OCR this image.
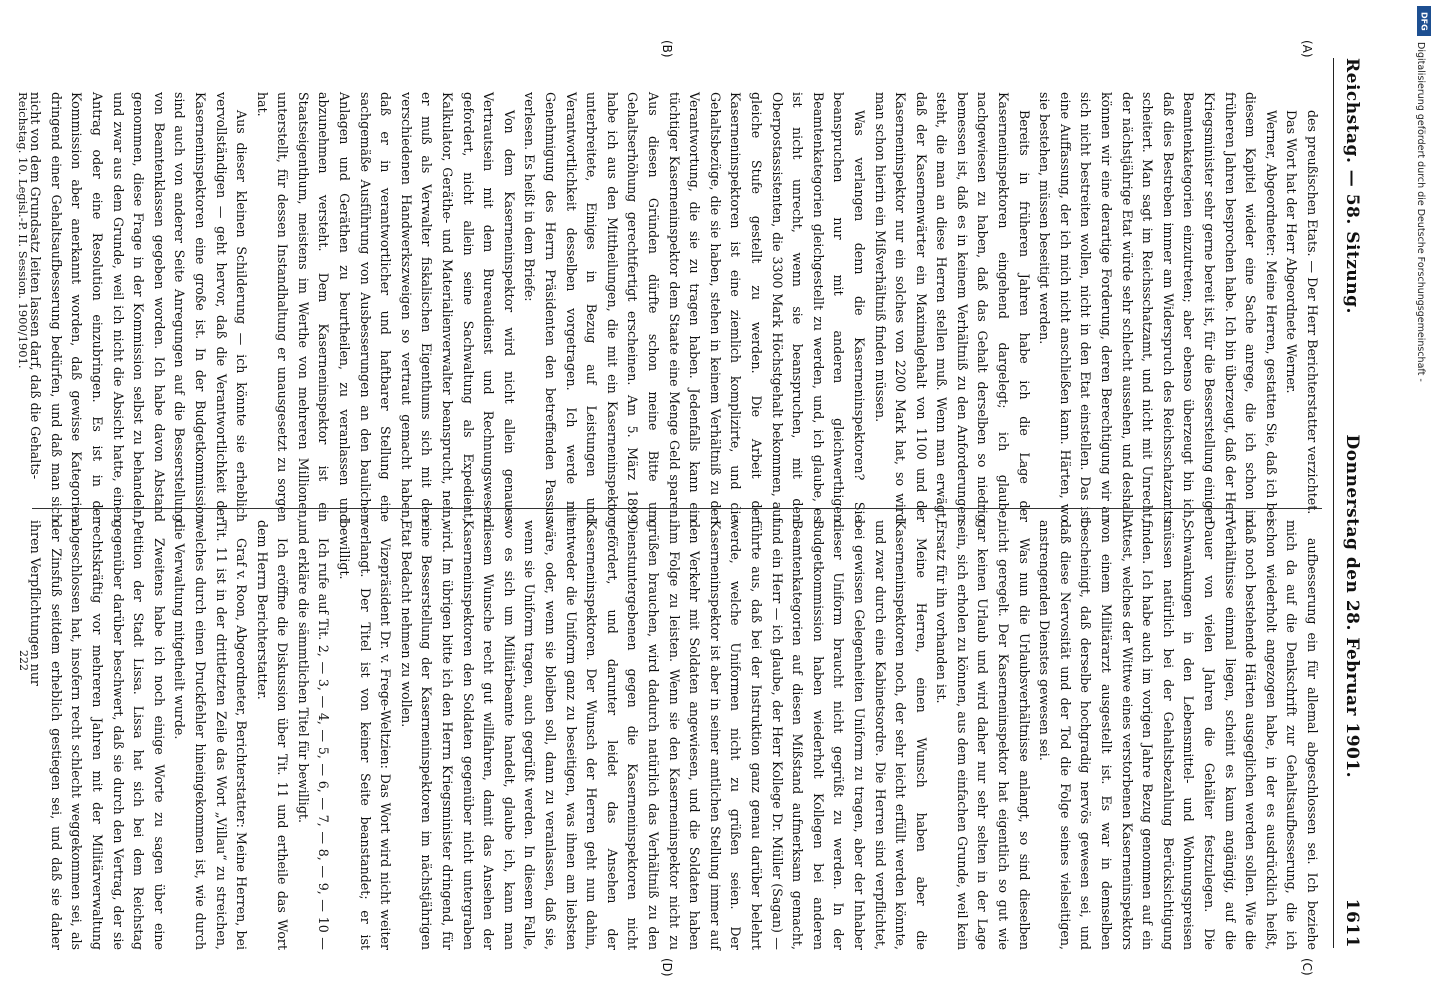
Reichstag. — 58. Sitzung.
Donnerstag den 28. Februar 1901.
1611
(A)
(B)
(C)
(D)

des preußischen Etats. — Der Herr Berichterstatter verzichtet.

Das Wort hat der Herr Abgeordnete Werner.

Werner, Abgeordneter: Meine Herren, gestatten Sie, daß ich bei diesem Kapitel wieder eine Sache anrege, die ich schon in früheren Jahren besprochen habe. Ich bin überzeugt, daß der Herr Kriegsminister sehr gerne bereit ist, für die Besserstellung einiger Beamtenkategorien einzutreten; aber ebenso überzeugt bin ich, daß dies Bestreben immer am Widerspruch des Reichsschatzamts scheitert. Man sagt im Reichsschatzamt, und nicht mit Unrecht, der nächstjährige Etat würde sehr schlecht aussehen, und deshalb können wir eine derartige Forderung, deren Berechtigung wir an sich nicht bestreiten wollen, nicht in den Etat einstellen. Das ist eine Auffassung, der ich mich nicht anschließen kann. Härten, wo sie bestehen, müssen beseitigt werden.

Bereits in früheren Jahren habe ich die Lage der Kaserneninspektoren eingehend dargelegt; ich glaube, nachgewiesen zu haben, daß das Gehalt derselben so niedrig bemessen ist, daß es in keinem Verhältniß zu den Anforderungen steht, die man an diese Herren stellen muß. Wenn man erwägt, daß der Kasernenwärter ein Maximalgehalt von 1100 und der Kaserneninspektor nur ein solches von 2200 Mark hat, so wird man schon hierin ein Mißverhältniß finden müssen.

Was verlangen denn die Kaserneninspektoren? Sie beanspruchen nur mit anderen gleichwerthigen Beamtenkategorien gleichgestellt zu werden, und, ich glaube, es ist nicht unrecht, wenn sie beanspruchen, mit den Oberpostassistenten, die 3300 Mark Höchstgehalt bekommen, auf gleiche Stufe gestellt zu werden. Die Arbeit der Kaserneninspektoren ist eine ziemlich komplizirte, und die Gehaltsbezüge, die sie haben, stehen in keinem Verhältniß zu der Verantwortung, die sie zu tragen haben. Jedenfalls kann ein tüchtiger Kaserneninspektor dem Staate eine Menge Geld sparen. Aus diesen Gründen dürfte schon meine Bitte um Gehaltserhöhung gerechtfertigt erscheinen. Am 5. März 1899 habe ich aus den Mittheilungen, die mit ein Kaserneninspektor unterbreitete, Einiges in Bezug auf Leistungen und Verantwortlichkeit desselben vorgetragen. Ich werde mit Genehmigung des Herrn Präsidenten den betreffenden Passus verlesen. Es heißt in dem Briefe:

Von dem Kaserneninspektor wird nicht allein genaues Vertrautsein mit dem Bureaudienst und Rechnungswesen gefordert, nicht allein seine Sachwaltung als Expedient, Kalkulator, Geräthe- und Materialienverwalter beansprucht, nein, er muß als Verwalter fiskalischen Eigenthums sich mit den verschiedenen Handwerkszweigen so vertraut gemacht haben, daß er in verantwortlicher und haftbarer Stellung eine sachgemäße Ausführung von Ausbesserungen an den baulichen Anlagen und Geräthen zu beurtheilen, zu veranlassen und abzunehmen versteht. Dem Kaserneninspektor ist ein Staatseigenthum, meistens im Werthe von mehreren Millionen, unterstellt, für dessen Instandhaltung er unausgesetzt zu sorgen hat.

Aus dieser kleinen Schilderung — ich könnte sie erheblich vervollständigen — geht hervor, daß die Verantwortlichkeit der Kaserneninspektoren eine große ist. In der Budgetkommission sind auch von anderer Seite Anregungen auf die Besserstellung von Beamtenklassen gegeben worden. Ich habe davon Abstand genommen, diese Frage in der Kommission selbst zu behandeln, und zwar aus dem Grunde, weil ich nicht die Absicht hatte, einen Antrag oder eine Resolution einzubringen. Es ist in der Kommission aber anerkannt worden, daß gewisse Kategorien dringend einer Gehaltsaufbesserung bedürfen, und daß man sich nicht von dem Grundsatz leiten lassen darf, daß die Gehalts-

aufbesserung ein für allemal abgeschlossen sei. Ich beziehe mich da auf die Denkschrift zur Gehaltsaufbesserung, die ich schon wiederholt angezogen habe, in der es ausdrücklich heißt, daß noch bestehende Härten ausgeglichen werden sollen. Wie die Verhältnisse einmal liegen, scheint es kaum angängig, auf die Dauer von vielen Jahren die Gehälter festzulegen. Die Schwankungen in den Lebensmittel- und Wohnungspreisen müssen natürlich bei der Gehaltsbezahlung Berücksichtigung finden. Ich habe auch im vorigen Jahre Bezug genommen auf ein Attest, welches der Wittwe eines verstorbenen Kaserneninspektors von einem Militärarzt ausgestellt ist. Es war in demselben bescheinigt, daß derselbe hochgradig nervös gewesen sei, und daß diese Nervosität und der Tod die Folge seines vielseitigen, anstrengenden Dienstes gewesen sei.

Was nun die Urlaubsverhältnisse anlangt, so sind dieselben nicht geregelt. Der Kaserneninspektor hat eigentlich so gut wie gar keinen Urlaub und wird daher nur sehr selten in der Lage sein, sich erholen zu können, aus dem einfachen Grunde, weil kein Ersatz für ihn vorhanden ist.

Meine Herren, einen Wunsch haben aber die Kaserneninspektoren noch, der sehr leicht erfüllt werden könnte, und zwar durch eine Kabinetsordre. Die Herren sind verpflichtet, bei gewissen Gelegenheiten Uniform zu tragen, aber der Inhaber dieser Uniform braucht nicht gegrüßt zu werden. In der Budgetkommission haben wiederholt Kollegen bei anderen Beamtenkategorien auf diesen Mißstand aufmerksam gemacht, und ein Herr — ich glaube, der Herr Kollege Dr. Müller (Sagan) — führte aus, daß bei der Instruktion ganz genau darüber belehrt werde, welche Uniformen nicht zu grüßen seien. Der Kaserneninspektor ist aber in seiner amtlichen Stellung immer auf den Verkehr mit Soldaten angewiesen, und die Soldaten haben ihm Folge zu leisten. Wenn sie den Kaserneninspektor nicht zu grüßen brauchen, wird dadurch natürlich das Verhältniß zu den Dienstuntergebenen gegen die Kaserneninspektoren nicht gefördert, und darunter leidet das Ansehen der Kaserneninspektoren. Der Wunsch der Herren geht nun dahin, entweder die Uniform ganz zu beseitigen, was ihnen am liebsten wäre, oder, wenn sie bleiben soll, dann zu veranlassen, daß sie, wenn sie Uniform tragen, auch gegrüßt werden. In diesem Falle, wo es sich um Militärbeamte handelt, glaube ich, kann man diesem Wunsche recht gut willfahren, damit das Ansehen der Kaserneninspektoren den Soldaten gegenüber nicht untergraben wird. Im übrigen bitte ich den Herrn Kriegsminister dringend, für eine Besserstellung der Kaserneninspektoren im nächstjährigen Etat Bedacht nehmen zu wollen.

Vizepräsident Dr. v. Frege-Weltzien: Das Wort wird nicht weiter verlangt. Der Titel ist von keiner Seite beanstandet; er ist bewilligt.

Ich rufe auf Tit. 2, — 3, — 4, — 5, — 6, — 7, — 8, — 9, — 10 — und erkläre die sämmtlichen Titel für bewilligt.

Ich eröffne die Diskussion über Tit. 11 und ertheile das Wort dem Herrn Berichterstatter.

Graf v. Roon, Abgeordneter, Berichterstatter: Meine Herren, bei Tit. 11 ist in der drittletzten Zeile das Wort „Villau“ zu streichen, welches durch einen Druckfehler hineingekommen ist, wie durch die Verwaltung mitgetheilt wurde.

Zweitens habe ich noch einige Worte zu sagen über eine Petition der Stadt Lissa. Lissa hat sich bei dem Reichstag gegenüber darüber beschwert, daß sie durch den Vertrag, der sie rechtskräftig vor mehreren Jahren mit der Militärverwaltung abgeschlossen hat, insofern recht schlecht weggekommen sei, als der Zinsfuß seitdem erheblich gestiegen sei, und daß sie daher ihren Verpflichtungen nur

Reichstag. 10. Legisl.-P. II. Session. 1900/1901.
222
DFG
Digitalisierung gefördert durch die Deutsche Forschungsgemeinschaft -
